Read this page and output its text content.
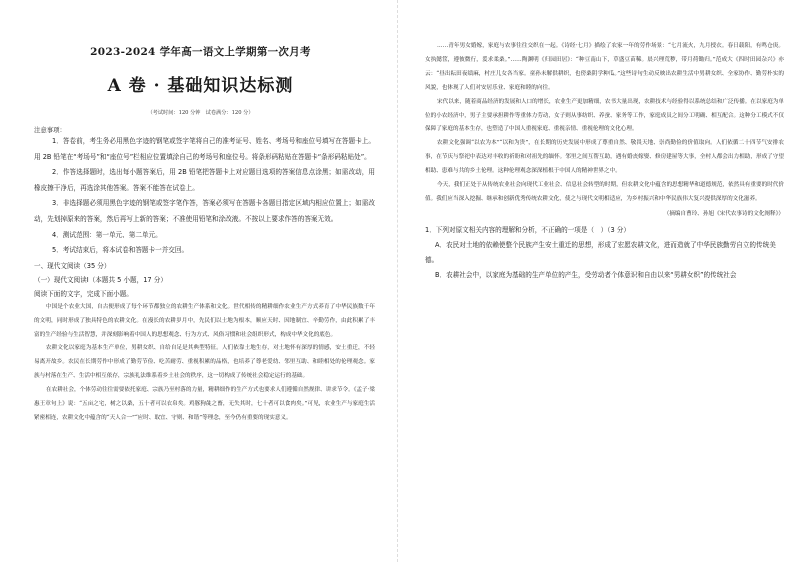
2023-2024 学年高一语文上学期第一次月考
A 卷 · 基础知识达标测
（考试时间：120 分钟　试卷满分：120 分）
注意事项：

1．答卷前，考生务必用黑色字迹的钢笔或签字笔将自己的准考证号、姓名、考场号和座位号填写在答题卡上。用 2B 铅笔在“考场号”和“座位号”栏相应位置填涂自己的考场号和座位号。将条形码粘贴在答题卡“条形码粘贴处”。

2．作答选择题时，选出每小题答案后，用 2B 铅笔把答题卡上对应题目选项的答案信息点涂黑；如需改动，用橡皮擦干净后，再选涂其他答案。答案不能答在试卷上。

3．非选择题必须用黑色字迹的钢笔或签字笔作答，答案必须写在答题卡各题目指定区域内相应位置上；如需改动，先划掉原来的答案，然后再写上新的答案；不准使用铅笔和涂改液。不按以上要求作答的答案无效。

4．测试范围：第一单元、第二单元。

5．考试结束后，将本试卷和答题卡一并交回。

一、现代文阅读（35 分）
（一）现代文阅读Ⅰ（本题共 5 小题，17 分）
阅读下面的文字，完成下面小题。

中国是个农业大国，自古便形成了每个环节都独立的农耕生产体系和文化。世代相传的精耕细作农业生产方式养育了中华民族数千年的文明，同时形成了独具特色的农耕文化。在漫长的农耕岁月中，先民们以土地为根本，顺应天时、因地制宜、辛勤劳作，由此积累了丰富的生产经验与生活智慧，并深刻影响着中国人的思想观念、行为方式、风俗习惯和社会组织形式，构成中华文化的底色。

农耕文化以家庭为基本生产单位，男耕女织、自给自足是其典型特征。人们依靠土地生存，对土地怀有深厚的情感，安土重迁，不轻易离开故乡。农民在长期劳作中形成了勤劳节俭、吃苦耐劳、重视积累的品格，也培养了尊老爱幼、邻里互助、和睦相处的伦理观念。家族与村落在生产、生活中相互依存，宗族礼法维系着乡土社会的秩序，这一切构成了传统社会稳定运行的基础。

在农耕社会，个体劳动往往需要依托家庭、宗族乃至村落的力量，精耕细作的生产方式也要求人们遵循自然规律、讲求节令。《孟子·梁惠王章句上》说：“五亩之宅，树之以桑，五十者可以衣帛矣。鸡豚狗彘之畜，无失其时，七十者可以食肉矣。”可见，农业生产与家庭生活紧密相连，农耕文化中蕴含的“天人合一”“应时、取宜、守则、和谐”等理念，至今仍有重要的现实意义。

……青年男女婚嫁，家庭与农事往往交织在一起。《诗经·七月》描绘了农家一年的劳作场景：“七月流火，九月授衣。春日载阳，有鸣仓庚。女执懿筐，遵彼微行，爰求柔桑。”……陶渊明《归园田居》：“种豆南山下，草盛豆苗稀。晨兴理荒秽，带月荷锄归。”范成大《四时田园杂兴》亦云：“昼出耘田夜绩麻，村庄儿女各当家。童孙未解供耕织，也傍桑阴学种瓜。”这些诗句生动反映出农耕生活中男耕女织、全家协作、勤劳朴实的风貌，也体现了人们对安居乐业、家庭和睦的向往。

宋代以来，随着商品经济的发展和人口的增长，农业生产更加精细，农书大量出现，农耕技术与经验得以系统总结和广泛传播。在以家庭为单位的小农经济中，男子主要承担耕作等重体力劳动，女子则从事纺织、养蚕、家务等工作，家庭成员之间分工明确、相互配合。这种分工模式不仅保障了家庭的基本生存，也塑造了中国人重视家庭、重视亲情、重视伦理的文化心理。

农耕文化强调“以农为本”“以和为贵”，在长期的历史发展中形成了尊重自然、敬畏天地、崇尚勤俭的价值取向。人们依循二十四节气安排农事，在节庆与祭祀中表达对丰收的祈盼和对祖先的缅怀。邻里之间互帮互助，遇有婚丧嫁娶、修房建屋等大事，全村人都会出力相助，形成了守望相助、患难与共的乡土伦理。这种伦理观念深深植根于中国人的精神世界之中。

今天，我们正处于从传统农业社会向现代工业社会、信息社会转型的时期，但农耕文化中蕴含的思想精华和道德规范，依然具有重要的时代价值。我们应当深入挖掘、继承和创新优秀传统农耕文化，使之与现代文明相适应，为乡村振兴和中华民族伟大复兴提供深厚的文化滋养。

（摘编自曹玲、孙旭《宋代农事诗的文化阐释》）
1．下列对原文相关内容的理解和分析，不正确的一项是（　）（3 分）
A．农民对土地的依赖使整个民族产生安土重迁的思想，形成了宏愿农耕文化，进而造就了中华民族勤劳自立的传统美德。
B．农耕社会中，以家庭为基础的生产单位的产生，受劳动者个体意识和自由以来“男耕女织”的传统社会
